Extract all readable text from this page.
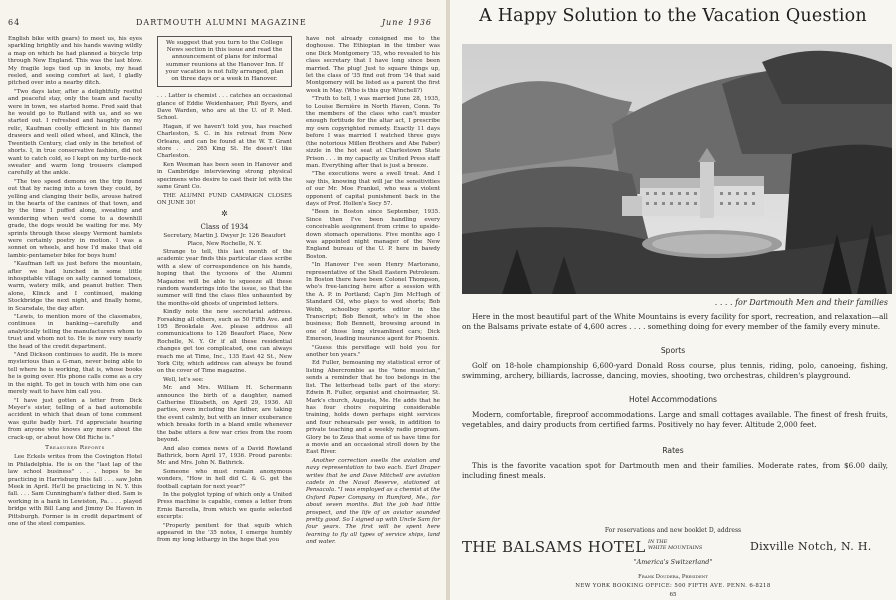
64	DARTMOUTH ALUMNI MAGAZINE	June 1936

English bike with gears) to meet us, his eyes sparkling brightly and his hands waving wildly a map on which he had planned a bicycle trip through New England. This was the last blow. My fragile legs tied up in knots, my head reeled, and seeing comfort at last, I gladly pitched over into a nearby ditch.

"Two days later, after a delightfully restful and peaceful stay, only the team and faculty were in town, we started home. Fred said that he would go to Rutland with us, and so we started out. I refreshed and haughty on my relic, Kaufman coolly efficient in his flannel drawers and well oiled wheel, and Klinck, the Twentieth Century, clad only in the briefest of shorts. I, in true conservative fashion, did not want to catch cold, so I kept on my turtle-neck sweater and warm long trousers clamped carefully at the ankle.

"The two speed demons on the trip found out that by racing into a town they could, by yelling and clanging their bells, arouse hatred in the hearts of the canines of that town, and by the time I puffed along, sweating and wondering when we'd come to a downhill grade, the dogs would be waiting for me. My sprints through these sleepy Vermont hamlets were certainly poetry in motion. I was a sonnet on wheels, and how I'd make that old lambic-pentameter bike for boys hum!

"Kaufman left us just before the mountain, after we had lunched in some little inhospitable village on salty canned tomatoes, warm, watery milk, and peanut butter. Then alone, Klinck and I continued, making Stockbridge the next night, and finally home, in Scarsdale, the day after.

"Lewis, to mention more of the classmates, continues in banking—carefully and analytically telling the manufacturers whom to trust and whom not to. He is now very nearly the head of the credit department.

"And Dickson continues to audit. He is more mysterious than a G-man, never being able to tell where he is working, that is, whose books he is going over. His phone calls come as a cry in the night. To get in touch with him one can merely wait to have him call you.

"I have just gotten a letter from Dick Meyer's sister, telling of a bad automobile accident in which that dean of tone comment was quite badly hurt. I'd appreciate hearing from anyone who knows any more about the crack-up, or about how Old Riche is."

Treasurer Reports

Lee Eckels writes from the Covington Hotel in Philadelphia. He is on the "last lap of the law school business" . . . hopes to be practicing in Harrisburg this fall . . . saw John Meek in April. He'll be practicing in N. Y. this fall. . . . Sam Cunningham's father died. Sam is working in a bank in Lewiston, Pa. . . . played bridge with Bill Lang and Jimmy De Haven in Pittsburgh. Former is in credit department of one of the steel companies.

We suggest that you turn to the College News section in this issue and read the announcement of plans for informal summer reunions at the Hanover Inn. If your vacation is not fully arranged, plan on three days or a week in Hanover.

. . . Latter is chemist . . . catches an occasional glance of Eddie Weidenhauer, Phil Byers, and Dave Warden, who are at the U. of P. Med. School.

Hagan, if we haven't told you, has reached Charleston, S. C. in his retreat from New Orleans, and can be found at the W. T. Grant store . . . 265 King St. He doesn't like Charleston.

Ken Weeman has been seen in Hanover and in Cambridge interviewing strong physical specimens who desire to cast their lot with the same Grant Co.

THE ALUMNI FUND CAMPAIGN CLOSES ON JUNE 30!

✲
Class of 1934

Secretary, Martin J. Dwyer Jr. 126 Beaufort Place, New Rochelle, N. Y.

Strange to tell, this last month of the academic year finds this particular class scribe with a slew of correspondence on his hands, hoping that the tycoons of the Alumni Magazine will be able to squeeze all these random wanderings into the issue, so that the summer will find the class files unhaunted by the months-old ghosts of unprinted letters.

Kindly note the new secretarial address. Forsaking all others, such as 50 Fifth Ave. and 195 Brookdale Ave. please address all communications to 126 Beaufort Place, New Rochelle, N. Y. Or if all these residential changes get too complicated, one can always reach me at Time, Inc., 135 East 42 St., New York City, which address can always be found on the cover of Time magazine.

Well, let's see:

Mr. and Mrs. William H. Schermann announce the birth of a daughter, named Catherine Elizabeth, on April 29, 1936. All parties, even including the father, are taking the event calmly, but with an inner exuberance which breaks forth in a bland smile whenever the babe utters a few war cries from the room beyond.

And also comes news of a David Rowland Bathrick, born April 17, 1936. Proud parents: Mr. and Mrs. John N. Bathrick.

Someone who must remain anonymous wonders, "How in hell did C. & G. get the football captain for next year?"

In the polyglot typing of which only a United Press machine is capable, comes a letter from Ernie Barcella, from which we quote selected excerpts:

"Properly penitent for that squib which appeared in the '35 notes, I emerge humbly from my long lethargy in the hope that you

have not already consigned me to the doghouse. The Ethiopian in the timber was one Dick Montgomery '35, who revealed to his class secretary that I have long since been married. The plug! Just to square things up, let the class of '35 find out from '34 that said Montgomery will be listed as a parent the first week in May. (Who is this guy Winchell?)

"Truth to tell, I was married June 28, 1935, to Louise Bernière in North Haven, Conn. To the members of the class who can't muster enough fortitude for the altar act, I prescribe my own copyrighted remedy. Exactly 11 days before I was married I watched three guys (the notorious Millen Brothers and Abe Faber) sizzle in the hot seat at Charlestown State Prison . . . in my capacity as United Press staff man. Everything after that is just a breeze.

"The executions were a swell treat. And I say this, knowing that will jar the sensitivities of our Mr. Moe Frankel, who was a violent opponent of capital punishment back in the days of Prof. Hollen's Socy 57.

"Been in Boston since September, 1935. Since then I've been handling every conceivable assignment from crime to upside-down stomach operations. Five months ago I was appointed night manager of the New England bureau of the U. P. here in bawdy Boston.

"In Hanover I've seen Henry Martorano, representative of the Shell Eastern Petroleum. In Boston there have been Colonel Thompson, who's free-lancing here after a session with the A. P. in Portland; Cap'n Jim McHugh of Standard Oil, who plays to wed shorts; Bob Webb, schoolboy sports editor in the Transcript; Bob Benoit, who's in the shoe business; Bob Bennett, browsing around in one of those long streamlined cars; Dick Emerson, leading insurance agent for Phoenix.

"Guess this persiflage will hold you for another ten years."

Ed Fuller, bemoaning my statistical error of listing Abercrombie as the "lone musician," sends a reminder that he too belongs in the list. The letterhead tells part of the story: Edwin R. Fuller, organist and choirmaster, St. Mark's church, Augusta, Me. He adds that he has four choirs requiring considerable training, holds down perhaps eight services and four rehearsals per week, in addition to private teaching and a weekly radio program. Glory be to Zeus that some of us have time for a movie and an occasional stroll down by the East River.

Another correction swells the aviation and navy representation to two each. Earl Draper writes that he and Dave Mitchell are aviation cadets in the Naval Reserve, stationed at Pensacola. "I was employed as a chemist at the Oxford Paper Company in Rumford, Me., for about seven months. But the job had little prospect, and the life of an aviator sounded pretty good. So I signed up with Uncle Sam for four years. The first will be spent here learning to fly all types of service ships, land and water.

A Happy Solution to the Vacation Question
. . . . for Dartmouth Men and their families

Here in the most beautiful part of the White Mountains is every facility for sport, recreation, and relaxation—all on the Balsams private estate of 4,600 acres . . . . something doing for every member of the family every minute.

Sports

Golf on 18-hole championship 6,600-yard Donald Ross course, plus tennis, riding, polo, canoeing, fishing, swimming, archery, billiards, lacrosse, dancing, movies, shooting, two orchestras, children's playground.

Hotel Accommodations

Modern, comfortable, fireproof accommodations. Large and small cottages available. The finest of fresh fruits, vegetables, and dairy products from certified farms. Positively no hay fever. Altitude 2,000 feet.

Rates

This is the favorite vacation spot for Dartmouth men and their families. Moderate rates, from $6.00 daily, including finest meals.

For reservations and new booklet D, address
THE BALSAMS HOTEL IN THE
WHITE MOUNTAINS	Dixville Notch, N. H.
"America's Switzerland"
Frank Doudera, President
NEW YORK BOOKING OFFICE: 500 FIFTH AVE. PENN. 6-8218
65
